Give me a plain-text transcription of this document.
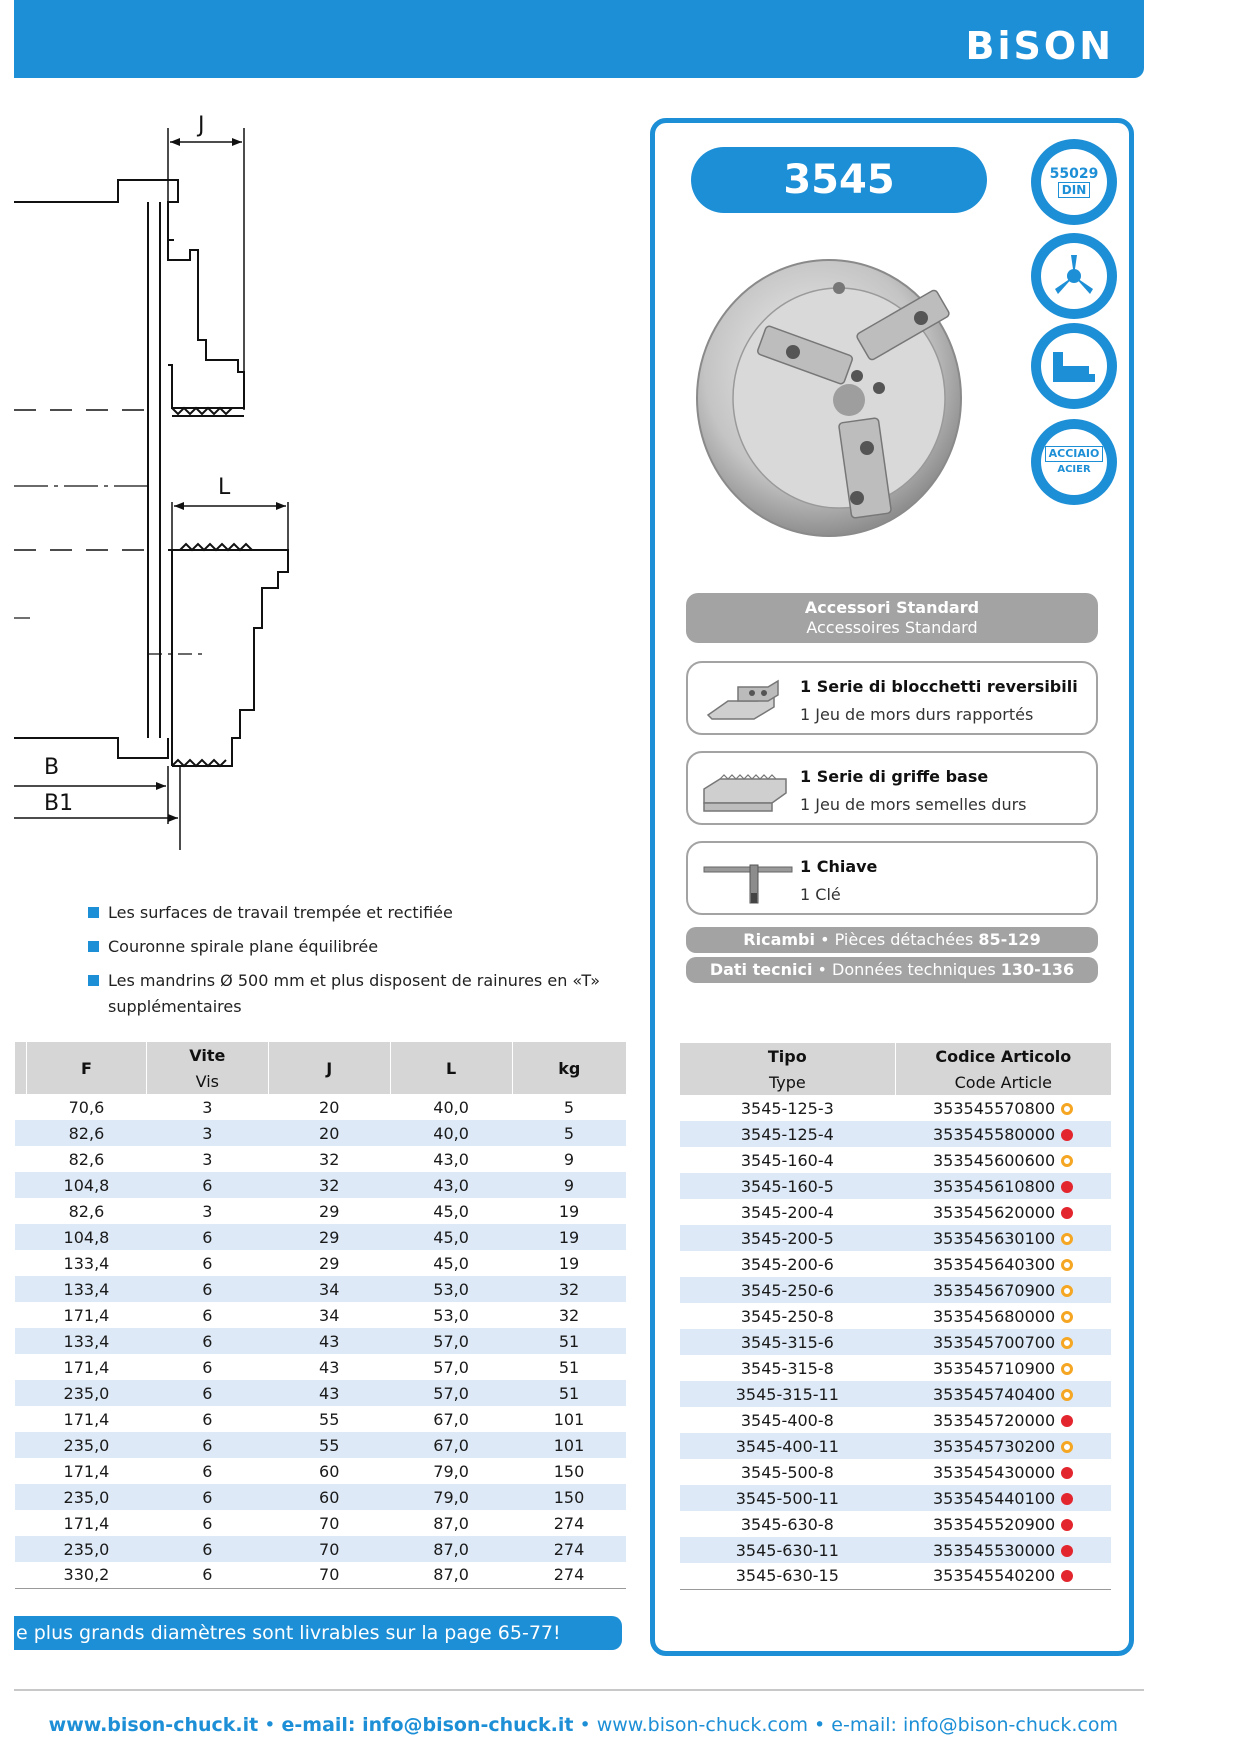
BiSON
J
L
B
B1
Les surfaces de travail trempée et rectifiée
Couronne spirale plane équilibrée
Les mandrins Ø 500 mm et plus disposent de rainures en «T» supplémentaires
	F	Vite	J	L	kg
		Vis			
	70,6	3	20	40,0	5
	82,6	3	20	40,0	5
	82,6	3	32	43,0	9
	104,8	6	32	43,0	9
	82,6	3	29	45,0	19
	104,8	6	29	45,0	19
	133,4	6	29	45,0	19
	133,4	6	34	53,0	32
	171,4	6	34	53,0	32
	133,4	6	43	57,0	51
	171,4	6	43	57,0	51
	235,0	6	43	57,0	51
	171,4	6	55	67,0	101
	235,0	6	55	67,0	101
	171,4	6	60	79,0	150
	235,0	6	60	79,0	150
	171,4	6	70	87,0	274
	235,0	6	70	87,0	274
	330,2	6	70	87,0	274
e plus grands diamètres sont livrables sur la page 65-77!
3545	55029
DIN
ACCIAIO
ACIER
Accessori Standard
Accessoires Standard
1 Serie di blocchetti reversibili
1 Jeu de mors durs rapportés
1 Serie di griffe base
1 Jeu de mors semelles durs
1 Chiave
1 Clé
Ricambi • Pièces détachées 85-129
Dati tecnici • Données techniques 130-136
Tipo	Codice Articolo
Type	Code Article
3545-125-3	353545570800
3545-125-4	353545580000
3545-160-4	353545600600
3545-160-5	353545610800
3545-200-4	353545620000
3545-200-5	353545630100
3545-200-6	353545640300
3545-250-6	353545670900
3545-250-8	353545680000
3545-315-6	353545700700
3545-315-8	353545710900
3545-315-11	353545740400
3545-400-8	353545720000
3545-400-11	353545730200
3545-500-8	353545430000
3545-500-11	353545440100
3545-630-8	353545520900
3545-630-11	353545530000
3545-630-15	353545540200
www.bison-chuck.it • e-mail: info@bison-chuck.it • www.bison-chuck.com • e-mail: info@bison-chuck.com
